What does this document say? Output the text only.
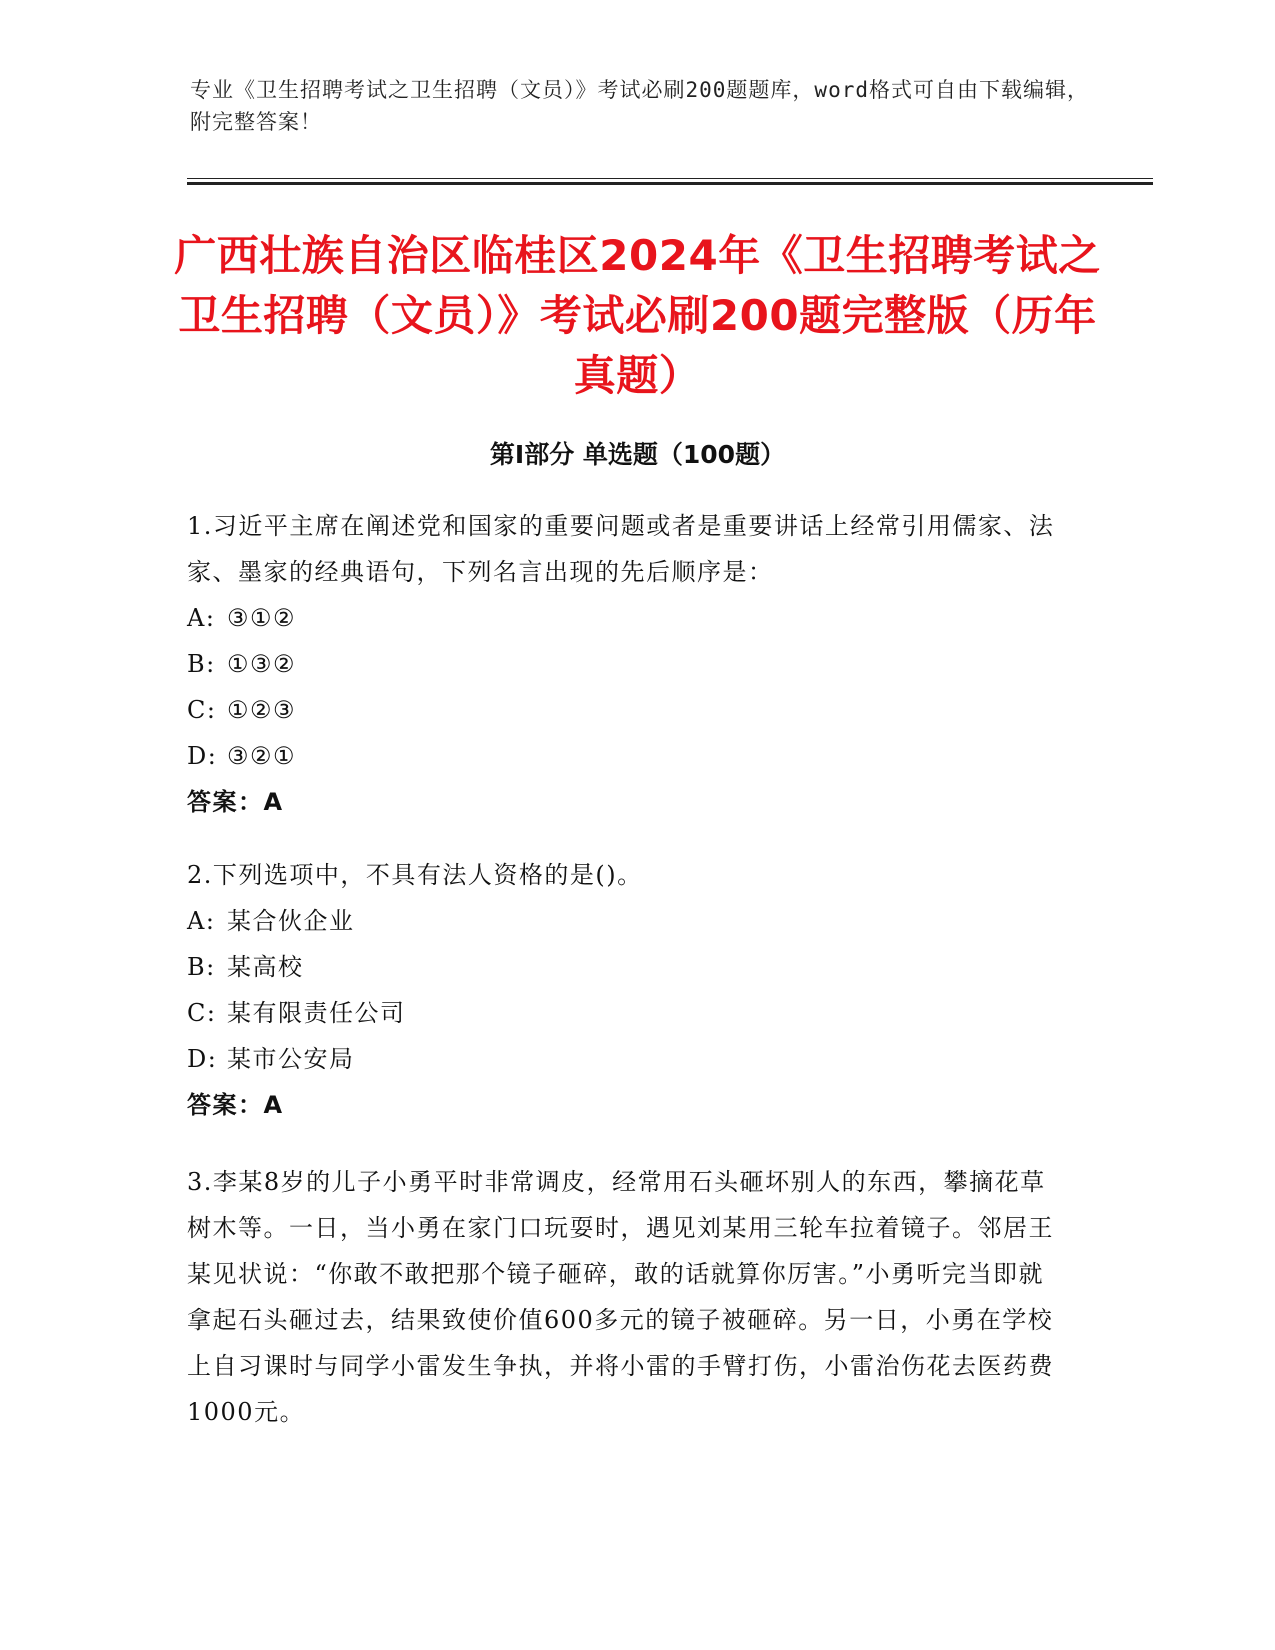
专业《卫生招聘考试之卫生招聘（文员）》考试必刷200题题库，word格式可自由下载编辑，附完整答案！
广西壮族自治区临桂区2024年《卫生招聘考试之卫生招聘（文员）》考试必刷200题完整版（历年真题）
第Ⅰ部分 单选题（100题）
1.习近平主席在阐述党和国家的重要问题或者是重要讲话上经常引用儒家、法家、墨家的经典语句，下列名言出现的先后顺序是：
A: ③①②
B: ①③②
C: ①②③
D: ③②①
答案：A
2.下列选项中，不具有法人资格的是()。
A: 某合伙企业
B: 某高校
C: 某有限责任公司
D: 某市公安局
答案：A
3.李某8岁的儿子小勇平时非常调皮，经常用石头砸坏别人的东西，攀摘花草树木等。一日，当小勇在家门口玩耍时，遇见刘某用三轮车拉着镜子。邻居王某见状说：“你敢不敢把那个镜子砸碎，敢的话就算你厉害。”小勇听完当即就拿起石头砸过去，结果致使价值600多元的镜子被砸碎。另一日，小勇在学校上自习课时与同学小雷发生争执，并将小雷的手臂打伤，小雷治伤花去医药费1000元。
